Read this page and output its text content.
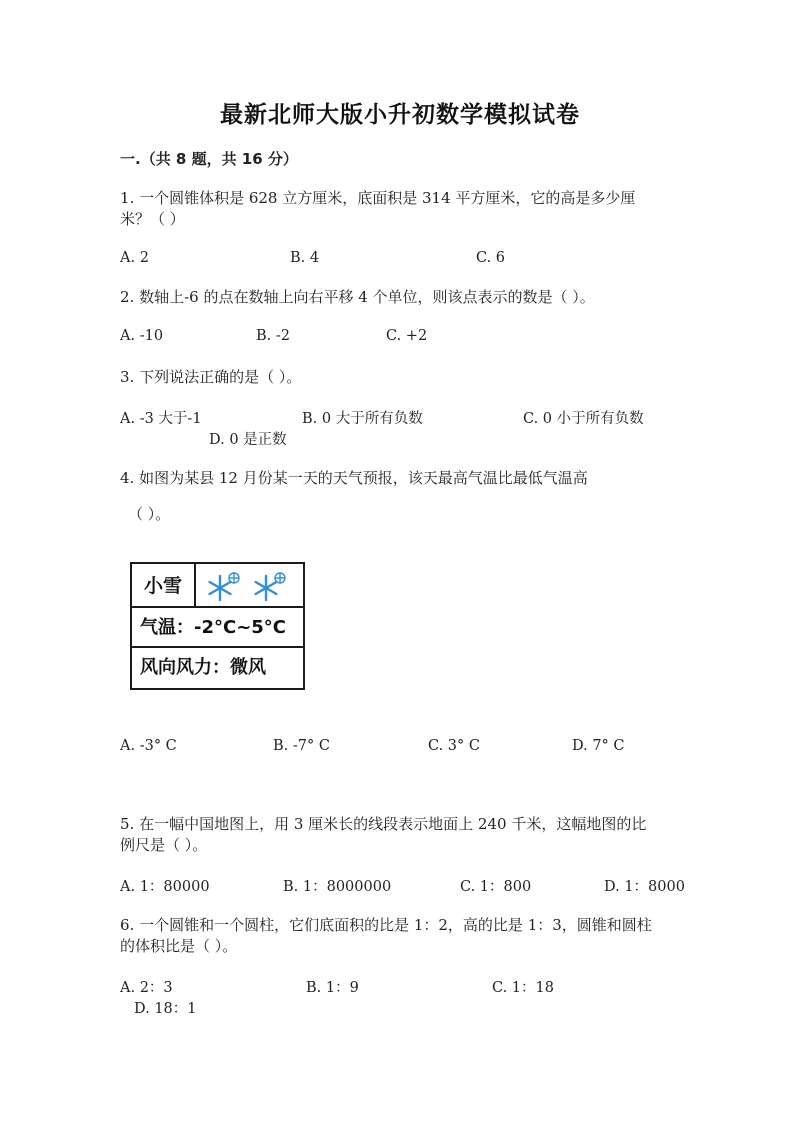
最新北师大版小升初数学模拟试卷
一.（共 8 题，共 16 分）
1. 一个圆锥体积是 628 立方厘米，底面积是 314 平方厘米，它的高是多少厘
米？（ ）
A. 2	B. 4	C. 6
2. 数轴上-6 的点在数轴上向右平移 4 个单位，则该点表示的数是（ ）。
A. -10	B. -2	C. +2
3. 下列说法正确的是（ ）。
A. -3 大于-1	B. 0 大于所有负数	C. 0 小于所有负数
D. 0 是正数
4. 如图为某县 12 月份某一天的天气预报，该天最高气温比最低气温高
（ ）。
小雪
气温：-2°C~5°C
风向风力：微风
A. -3° C	B. -7° C	C. 3° C	D. 7° C
5. 在一幅中国地图上，用 3 厘米长的线段表示地面上 240 千米，这幅地图的比
例尺是（ ）。
A. 1：80000	B. 1：8000000	C. 1：800	D. 1：8000
6. 一个圆锥和一个圆柱，它们底面积的比是 1：2，高的比是 1：3，圆锥和圆柱
的体积比是（ ）。
A. 2：3	B. 1：9	C. 1：18
D. 18：1
